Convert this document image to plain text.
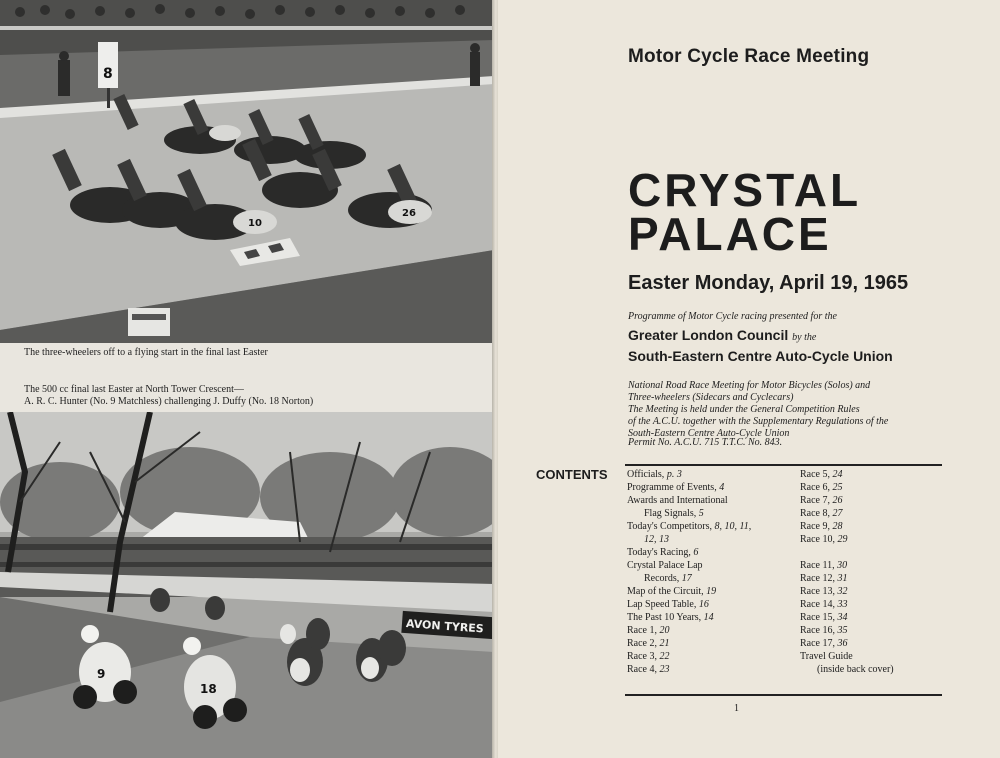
8
10
26
The three-wheelers off to a flying start in the final last Easter
The 500 cc final last Easter at North Tower Crescent—
A. R. C. Hunter (No. 9 Matchless) challenging J. Duffy (No. 18 Norton)
AVON TYRES
9
18
Motor Cycle Race Meeting
CRYSTAL
PALACE
Easter Monday, April 19, 1965
Programme of Motor Cycle racing presented for the
Greater London Council by the
South-Eastern Centre Auto-Cycle Union
National Road Race Meeting for Motor Bicycles (Solos) and
Three-wheelers (Sidecars and Cyclecars)
The Meeting is held under the General Competition Rules
of the A.C.U. together with the Supplementary Regulations of the
South-Eastern Centre Auto-Cycle Union
Permit No. A.C.U. 715 T.T.C. No. 843.
CONTENTS Officials, p. 3
Programme of Events, 4
Awards and International
Flag Signals, 5
Today's Competitors, 8, 10, 11,
12, 13
Today's Racing, 6
Crystal Palace Lap
Records, 17
Map of the Circuit, 19
Lap Speed Table, 16
The Past 10 Years, 14
Race 1, 20
Race 2, 21
Race 3, 22
Race 4, 23
Race 5, 24
Race 6, 25
Race 7, 26
Race 8, 27
Race 9, 28
Race 10, 29
Race 11, 30
Race 12, 31
Race 13, 32
Race 14, 33
Race 15, 34
Race 16, 35
Race 17, 36
Travel Guide
(inside back cover)
1
